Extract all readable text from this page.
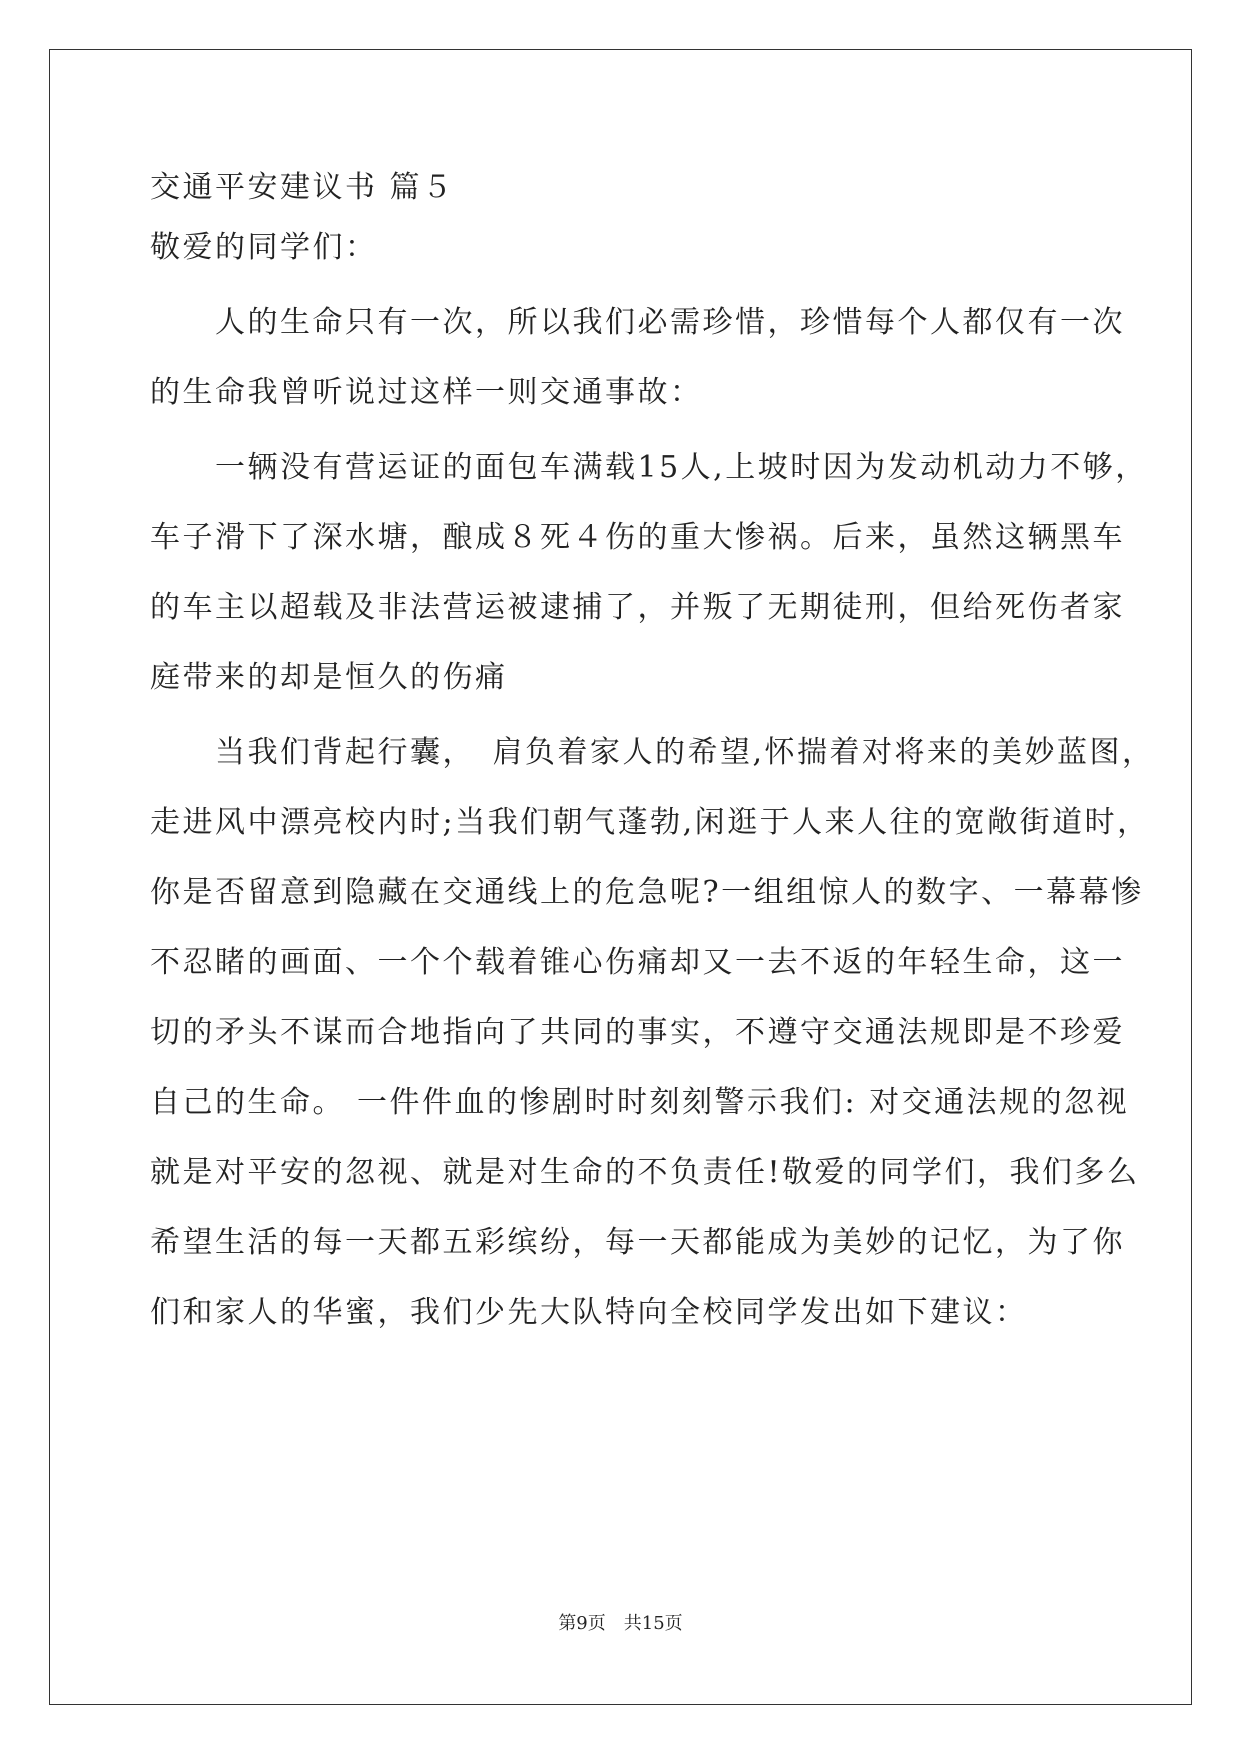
交通平安建议书 篇５
敬爱的同学们：
　　人的生命只有一次，所以我们必需珍惜，珍惜每个人都仅有一次
的生命我曾听说过这样一则交通事故：
　　一辆没有营运证的面包车满载15人,上坡时因为发动机动力不够，
车子滑下了深水塘，酿成８死４伤的重大惨祸。后来，虽然这辆黑车
的车主以超载及非法营运被逮捕了，并叛了无期徒刑，但给死伤者家
庭带来的却是恒久的伤痛
　　当我们背起行囊，　肩负着家人的希望,怀揣着对将来的美妙蓝图，
走进风中漂亮校内时;当我们朝气蓬勃,闲逛于人来人往的宽敞街道时，
你是否留意到隐藏在交通线上的危急呢?一组组惊人的数字、一幕幕惨
不忍睹的画面、一个个载着锥心伤痛却又一去不返的年轻生命，这一
切的矛头不谋而合地指向了共同的事实，不遵守交通法规即是不珍爱
自己的生命。 一件件血的惨剧时时刻刻警示我们: 对交通法规的忽视
就是对平安的忽视、就是对生命的不负责任!敬爱的同学们，我们多么
希望生活的每一天都五彩缤纷，每一天都能成为美妙的记忆，为了你
们和家人的华蜜，我们少先大队特向全校同学发出如下建议：
第9页　共15页
